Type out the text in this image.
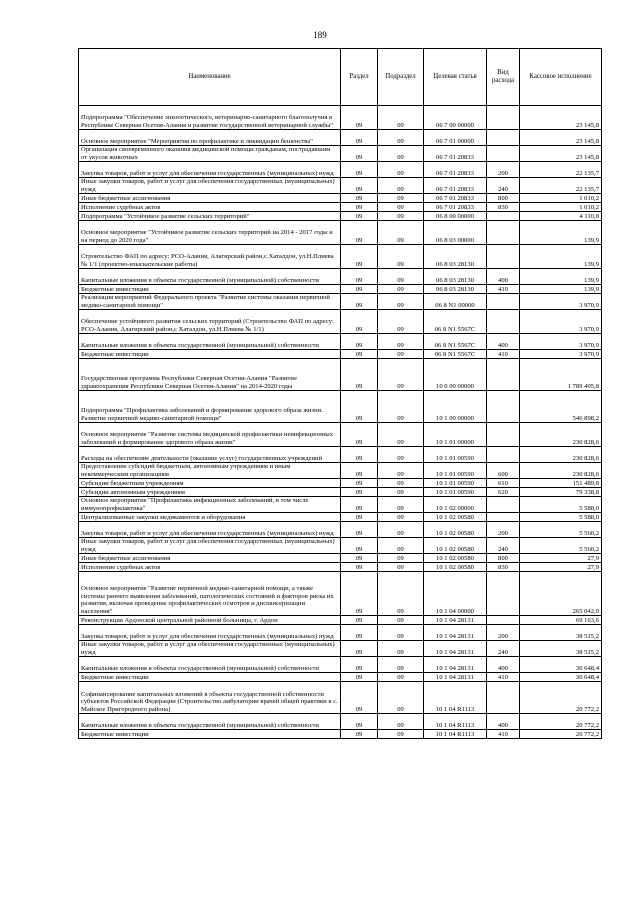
189
Наименование	Раздел	Подраздел	Целевая статья	Вид расхода	Кассовое исполнение
Подпрограмма "Обеспечение эпизоотического, ветеринарно-санитарного благополучия в Республике Северная Осетия-Алания и развитие государственной ветеринарной службы"	09	09	06 7 00 00000		23 145,8
Основное мероприятие "Мероприятия по профилактике и ликвидации бешенства"	09	09	06 7 01 00000		23 145,8
Организация своевременного оказания медицинской помощи гражданам, пострадавшим от укусов животных	09	09	06 7 01 20833		23 145,8
Закупка товаров, работ и услуг для обеспечения государственных (муниципальных) нужд	09	09	06 7 01 20833	200	22 135,7
Иные закупки товаров, работ и услуг для обеспечения государственных (муниципальных) нужд	09	09	06 7 01 20833	240	22 135,7
Иные бюджетные ассигнования	09	09	06 7 01 20833	800	1 010,2
Исполнение судебных актов	09	09	06 7 01 20833	830	1 010,2
Подпрограмма "Устойчивое развитие сельских территорий"	09	09	06 8 00 00000		4 110,8
Основное мероприятие "Устойчивое развитие сельских территорий на 2014 - 2017 годы и на период до 2020 года"	09	09	06 8 03 00000		139,9
Строительство ФАП по адресу: РСО-Алания, Алагирский район,с.Хаталдон, ул.Н.Плиева № 1/1 (проектно-изыскательские работы)	09	09	06 8 03 28130		139,9
Капитальные вложения в объекты государственной (муниципальной) собственности	09	09	06 8 03 28130	400	139,9
Бюджетные инвестиции	09	09	06 8 03 28130	410	139,9
Реализация мероприятий Федерального проекта "Развитие системы оказания первичной медико-санитарной помощи"	09	09	06 8 N1 00000		3 970,9
Обеспечение устойчивого развития сельских территорий (Строительство ФАП по адресу: РСО-Алания, Алагирский район,с Хаталдон, ул.Н.Плиева № 1/1)	09	09	06 8 N1 5567С		3 970,9
Капитальные вложения в объекты государственной (муниципальной) собственности	09	09	06 8 N1 5567С	400	3 970,9
Бюджетные инвестиции	09	09	06 8 N1 5567С	410	3 970,9
Государственная программа Республики Северная Осетия-Алания "Развитие здравоохранения Республики Северная Осетия-Алания" на 2014-2020 годы	09	09	10 0 00 00000		1 789 405,8
Подпрограмма "Профилактика заболеваний и формирование здорового образа жизни. Развитие первичной медико-санитарной помощи"	09	09	10 1 00 00000		546 898,2
Основное мероприятие "Развитие системы медицинской профилактики неинфекционных заболеваний и формирование здорового образа жизни"	09	09	10 1 01 00000		230 828,6
Расходы на обеспечение деятельности (оказание услуг) государственных учреждений	09	09	10 1 01 00590		230 828,6
Предоставление субсидий бюджетным, автономным учреждениям и иным некоммерческим организациям	09	09	10 1 01 00590	600	230 828,6
Субсидии бюджетным учреждениям	09	09	10 1 01 00590	610	151 489,8
Субсидии автономным учреждениям	09	09	10 1 01 00590	620	79 338,8
Основное мероприятие "Профилактика инфекционных заболеваний, в том числе иммунопрофилактика"	09	09	10 1 02 00000		5 588,0
Централизованные закупки медикаментов и оборудования	09	09	10 1 02 00580		5 588,0
Закупка товаров, работ и услуг для обеспечения государственных (муниципальных) нужд	09	09	10 1 02 00580	200	5 560,2
Иные закупки товаров, работ и услуг для обеспечения государственных (муниципальных) нужд	09	09	10 1 02 00580	240	5 560,2
Иные бюджетные ассигнования	09	09	10 1 02 00580	800	27,9
Исполнение судебных актов	09	09	10 1 02 00580	830	27,9
Основное мероприятие "Развитие первичной медико-санитарной помощи, а также системы раннего выявления заболеваний, патологических состояний и факторов риска их развития, включая проведение профилактических осмотров и диспансеризации населения"	09	09	10 1 04 00000		265 042,0
Реконструкция Ардонской центральной районной больницы, г. Ардон	09	09	10 1 04 28131		69 163,6
Закупка товаров, работ и услуг для обеспечения государственных (муниципальных) нужд	09	09	10 1 04 28131	200	38 515,2
Иные закупки товаров, работ и услуг для обеспечения государственных (муниципальных) нужд	09	09	10 1 04 28131	240	38 515,2
Капитальные вложения в объекты государственной (муниципальной) собственности	09	09	10 1 04 28131	400	30 648,4
Бюджетные инвестиции	09	09	10 1 04 28131	410	30 648,4
Софинансирование капитальных вложений в объекты государственной собственности субъектов Российской Федерации (Строительство амбулатории врачей общей практики в с. Майское Пригородного района)	09	09	10 1 04 R1113		20 772,2
Капитальные вложения в объекты государственной (муниципальной) собственности	09	09	10 1 04 R1113	400	20 772,2
Бюджетные инвестиции	09	09	10 1 04 R1113	410	20 772,2
